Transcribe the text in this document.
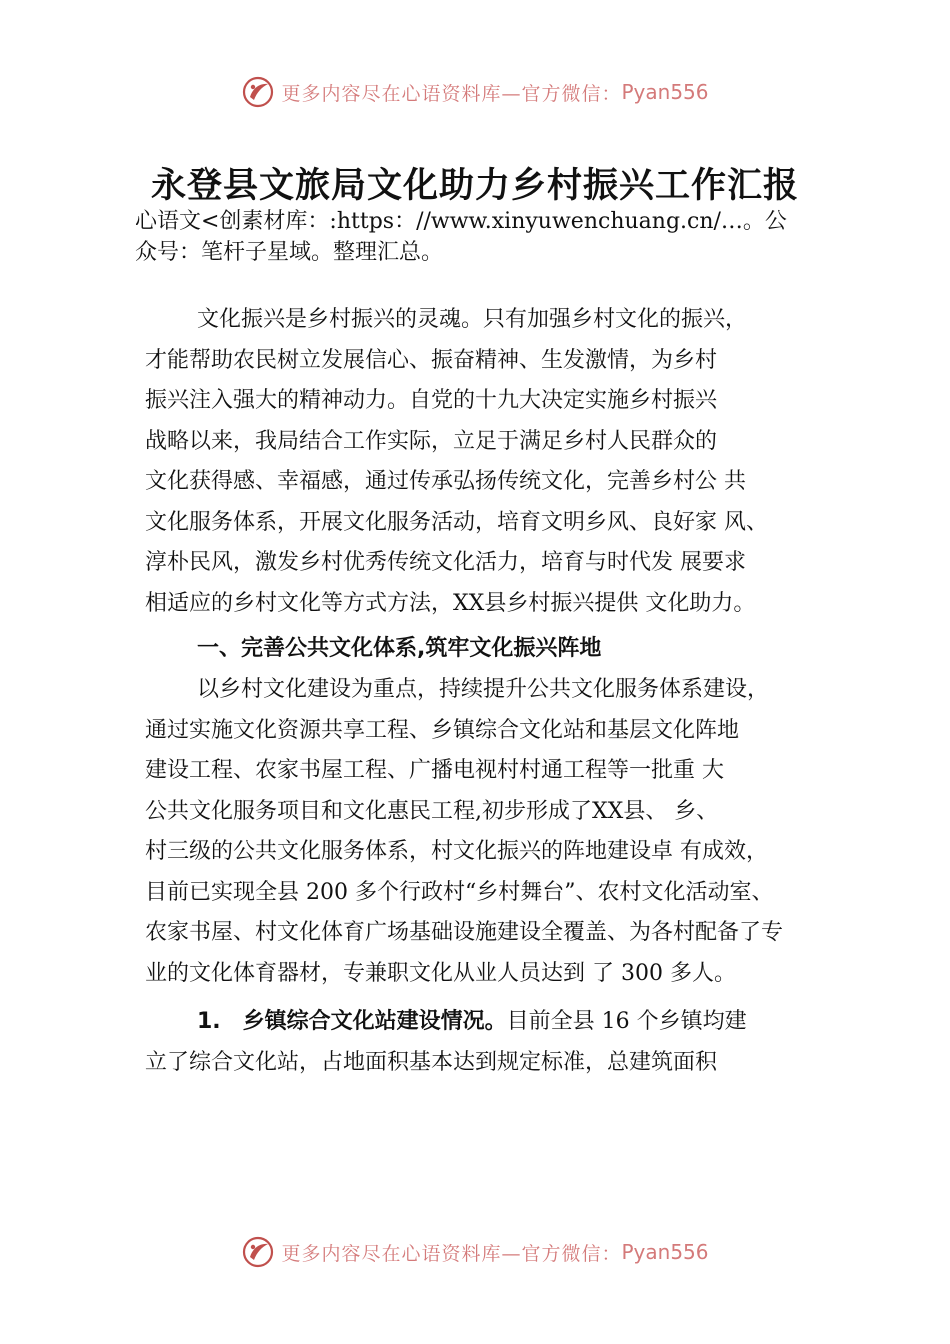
更多内容尽在心语资料库—官方微信： Pyan556
永登县文旅局文化助力乡村振兴工作汇报

心语文<创素材库：:https：//www.xinyuwenchuang.cn/…。公

众号：笔杆子星域。整理汇总。

文化振兴是乡村振兴的灵魂。只有加强乡村文化的振兴，

才能帮助农民树立发展信心、振奋精神、生发激情，为乡村

振兴注入强大的精神动力。自党的十九大决定实施乡村振兴

战略以来，我局结合工作实际，立足于满足乡村人民群众的

文化获得感、幸福感，通过传承弘扬传统文化，完善乡村公 共

文化服务体系，开展文化服务活动，培育文明乡风、良好家 风、

淳朴民风，激发乡村优秀传统文化活力，培育与时代发 展要求

相适应的乡村文化等方式方法，XX县乡村振兴提供 文化助力。

一、完善公共文化体系,筑牢文化振兴阵地

以乡村文化建设为重点，持续提升公共文化服务体系建设，

通过实施文化资源共享工程、乡镇综合文化站和基层文化阵地

建设工程、农家书屋工程、广播电视村村通工程等一批重 大

公共文化服务项目和文化惠民工程,初步形成了XX县、 乡、

村三级的公共文化服务体系，村文化振兴的阵地建设卓 有成效，

目前已实现全县 200 多个行政村“乡村舞台”、农村文化活动室、

农家书屋、村文化体育广场基础设施建设全覆盖、为各村配备了专

业的文化体育器材，专兼职文化从业人员达到 了 300 多人。

1.　乡镇综合文化站建设情况。目前全县 16 个乡镇均建

立了综合文化站，占地面积基本达到规定标准，总建筑面积

更多内容尽在心语资料库—官方微信： Pyan556
